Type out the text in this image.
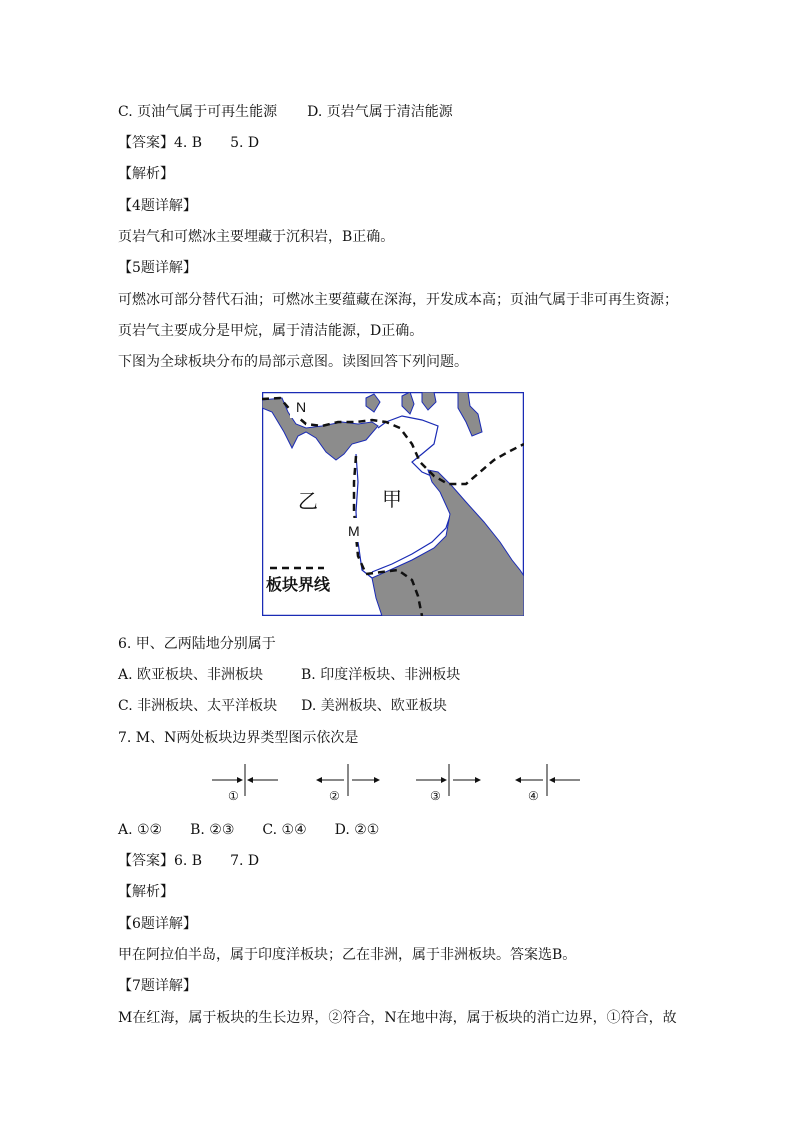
C. 页油气属于可再生能源 D. 页岩气属于清洁能源
【答案】4. B　　5. D
【解析】
【4题详解】
页岩气和可燃冰主要埋藏于沉积岩，B正确。
【5题详解】
可燃冰可部分替代石油；可燃冰主要蕴藏在深海，开发成本高；页油气属于非可再生资源；
页岩气主要成分是甲烷，属于清洁能源，D正确。
下图为全球板块分布的局部示意图。读图回答下列问题。
N
M
乙	甲
板块界线
6. 甲、乙两陆地分别属于
A. 欧亚板块、非洲板块	B. 印度洋板块、非洲板块
C. 非洲板块、太平洋板块 D. 美洲板块、欧亚板块
7. M、N两处板块边界类型图示依次是
①	②	③	④
A. ①②　　B. ②③　　C. ①④　　D. ②①
【答案】6. B　　7. D
【解析】
【6题详解】
甲在阿拉伯半岛，属于印度洋板块；乙在非洲，属于非洲板块。答案选B。
【7题详解】
M在红海，属于板块的生长边界，②符合，N在地中海，属于板块的消亡边界，①符合，故
